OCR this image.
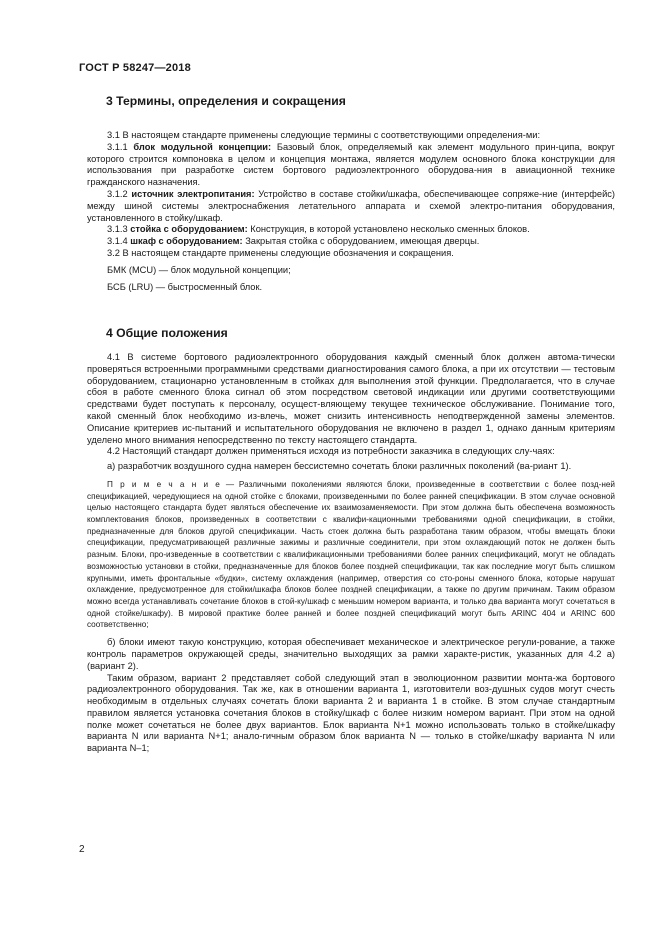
ГОСТ Р 58247—2018
3 Термины, определения и сокращения
3.1 В настоящем стандарте применены следующие термины с соответствующими определения-ми:
3.1.1 блок модульной концепции: Базовый блок, определяемый как элемент модульного прин-ципа, вокруг которого строится компоновка в целом и концепция монтажа, является модулем основного блока конструкции для использования при разработке систем бортового радиоэлектронного оборудова-ния в авиационной технике гражданского назначения.
3.1.2 источник электропитания: Устройство в составе стойки/шкафа, обеспечивающее сопряже-ние (интерфейс) между шиной системы электроснабжения летательного аппарата и схемой электро-питания оборудования, установленного в стойку/шкаф.
3.1.3 стойка с оборудованием: Конструкция, в которой установлено несколько сменных блоков.
3.1.4 шкаф с оборудованием: Закрытая стойка с оборудованием, имеющая дверцы.
3.2 В настоящем стандарте применены следующие обозначения и сокращения.
БМК (MCU) — блок модульной концепции;
БСБ (LRU) — быстросменный блок.
4 Общие положения
4.1 В системе бортового радиоэлектронного оборудования каждый сменный блок должен автома-тически проверяться встроенными программными средствами диагностирования самого блока, а при их отсутствии — тестовым оборудованием, стационарно установленным в стойках для выполнения этой функции. Предполагается, что в случае сбоя в работе сменного блока сигнал об этом посредством световой индикации или другими соответствующими средствами будет поступать к персоналу, осущест-вляющему текущее техническое обслуживание. Понимание того, какой сменный блок необходимо из-влечь, может снизить интенсивность неподтвержденной замены элементов. Описание критериев ис-пытаний и испытательного оборудования не включено в раздел 1, однако данным критериям уделено много внимания непосредственно по тексту настоящего стандарта.
4.2 Настоящий стандарт должен применяться исходя из потребности заказчика в следующих слу-чаях:
а) разработчик воздушного судна намерен бессистемно сочетать блоки различных поколений (ва-риант 1).
П р и м е ч а н и е — Различными поколениями являются блоки, произведенные в соответствии с более позд-ней спецификацией, чередующиеся на одной стойке с блоками, произведенными по более ранней спецификации. В этом случае основной целью настоящего стандарта будет являться обеспечение их взаимозаменяемости. При этом должна быть обеспечена возможность комплектования блоков, произведенных в соответствии с квалифи-кационными требованиями одной спецификации, в стойки, предназначенные для блоков другой спецификации. Часть стоек должна быть разработана таким образом, чтобы вмещать блоки спецификации, предусматривающей различные зажимы и различные соединители, при этом охлаждающий поток не должен быть разным. Блоки, про-изведенные в соответствии с квалификационными требованиями более ранних спецификаций, могут не обладать возможностью установки в стойки, предназначенные для блоков более поздней спецификации, так как последние могут быть слишком крупными, иметь фронтальные «будки», систему охлаждения (например, отверстия со сто-роны сменного блока, которые нарушат охлаждение, предусмотренное для стойки/шкафа блоков более поздней спецификации, а также по другим причинам. Таким образом можно всегда устанавливать сочетание блоков в стой-ку/шкаф с меньшим номером варианта, и только два варианта могут сочетаться в одной стойке/шкафу). В мировой практике более ранней и более поздней спецификаций могут быть ARINC 404 и ARINC 600 соответственно;
б) блоки имеют такую конструкцию, которая обеспечивает механическое и электрическое регули-рование, а также контроль параметров окружающей среды, значительно выходящих за рамки характе-ристик, указанных для 4.2 а) (вариант 2).
Таким образом, вариант 2 представляет собой следующий этап в эволюционном развитии монта-жа бортового радиоэлектронного оборудования. Так же, как в отношении варианта 1, изготовители воз-душных судов могут счесть необходимым в отдельных случаях сочетать блоки варианта 2 и варианта 1 в стойке. В этом случае стандартным правилом является установка сочетания блоков в стойку/шкаф с более низким номером вариант. При этом на одной полке может сочетаться не более двух вариантов. Блок варианта N+1 можно использовать только в стойке/шкафу варианта N или варианта N+1; анало-гичным образом блок варианта N — только в стойке/шкафу варианта N или варианта N–1;
2
